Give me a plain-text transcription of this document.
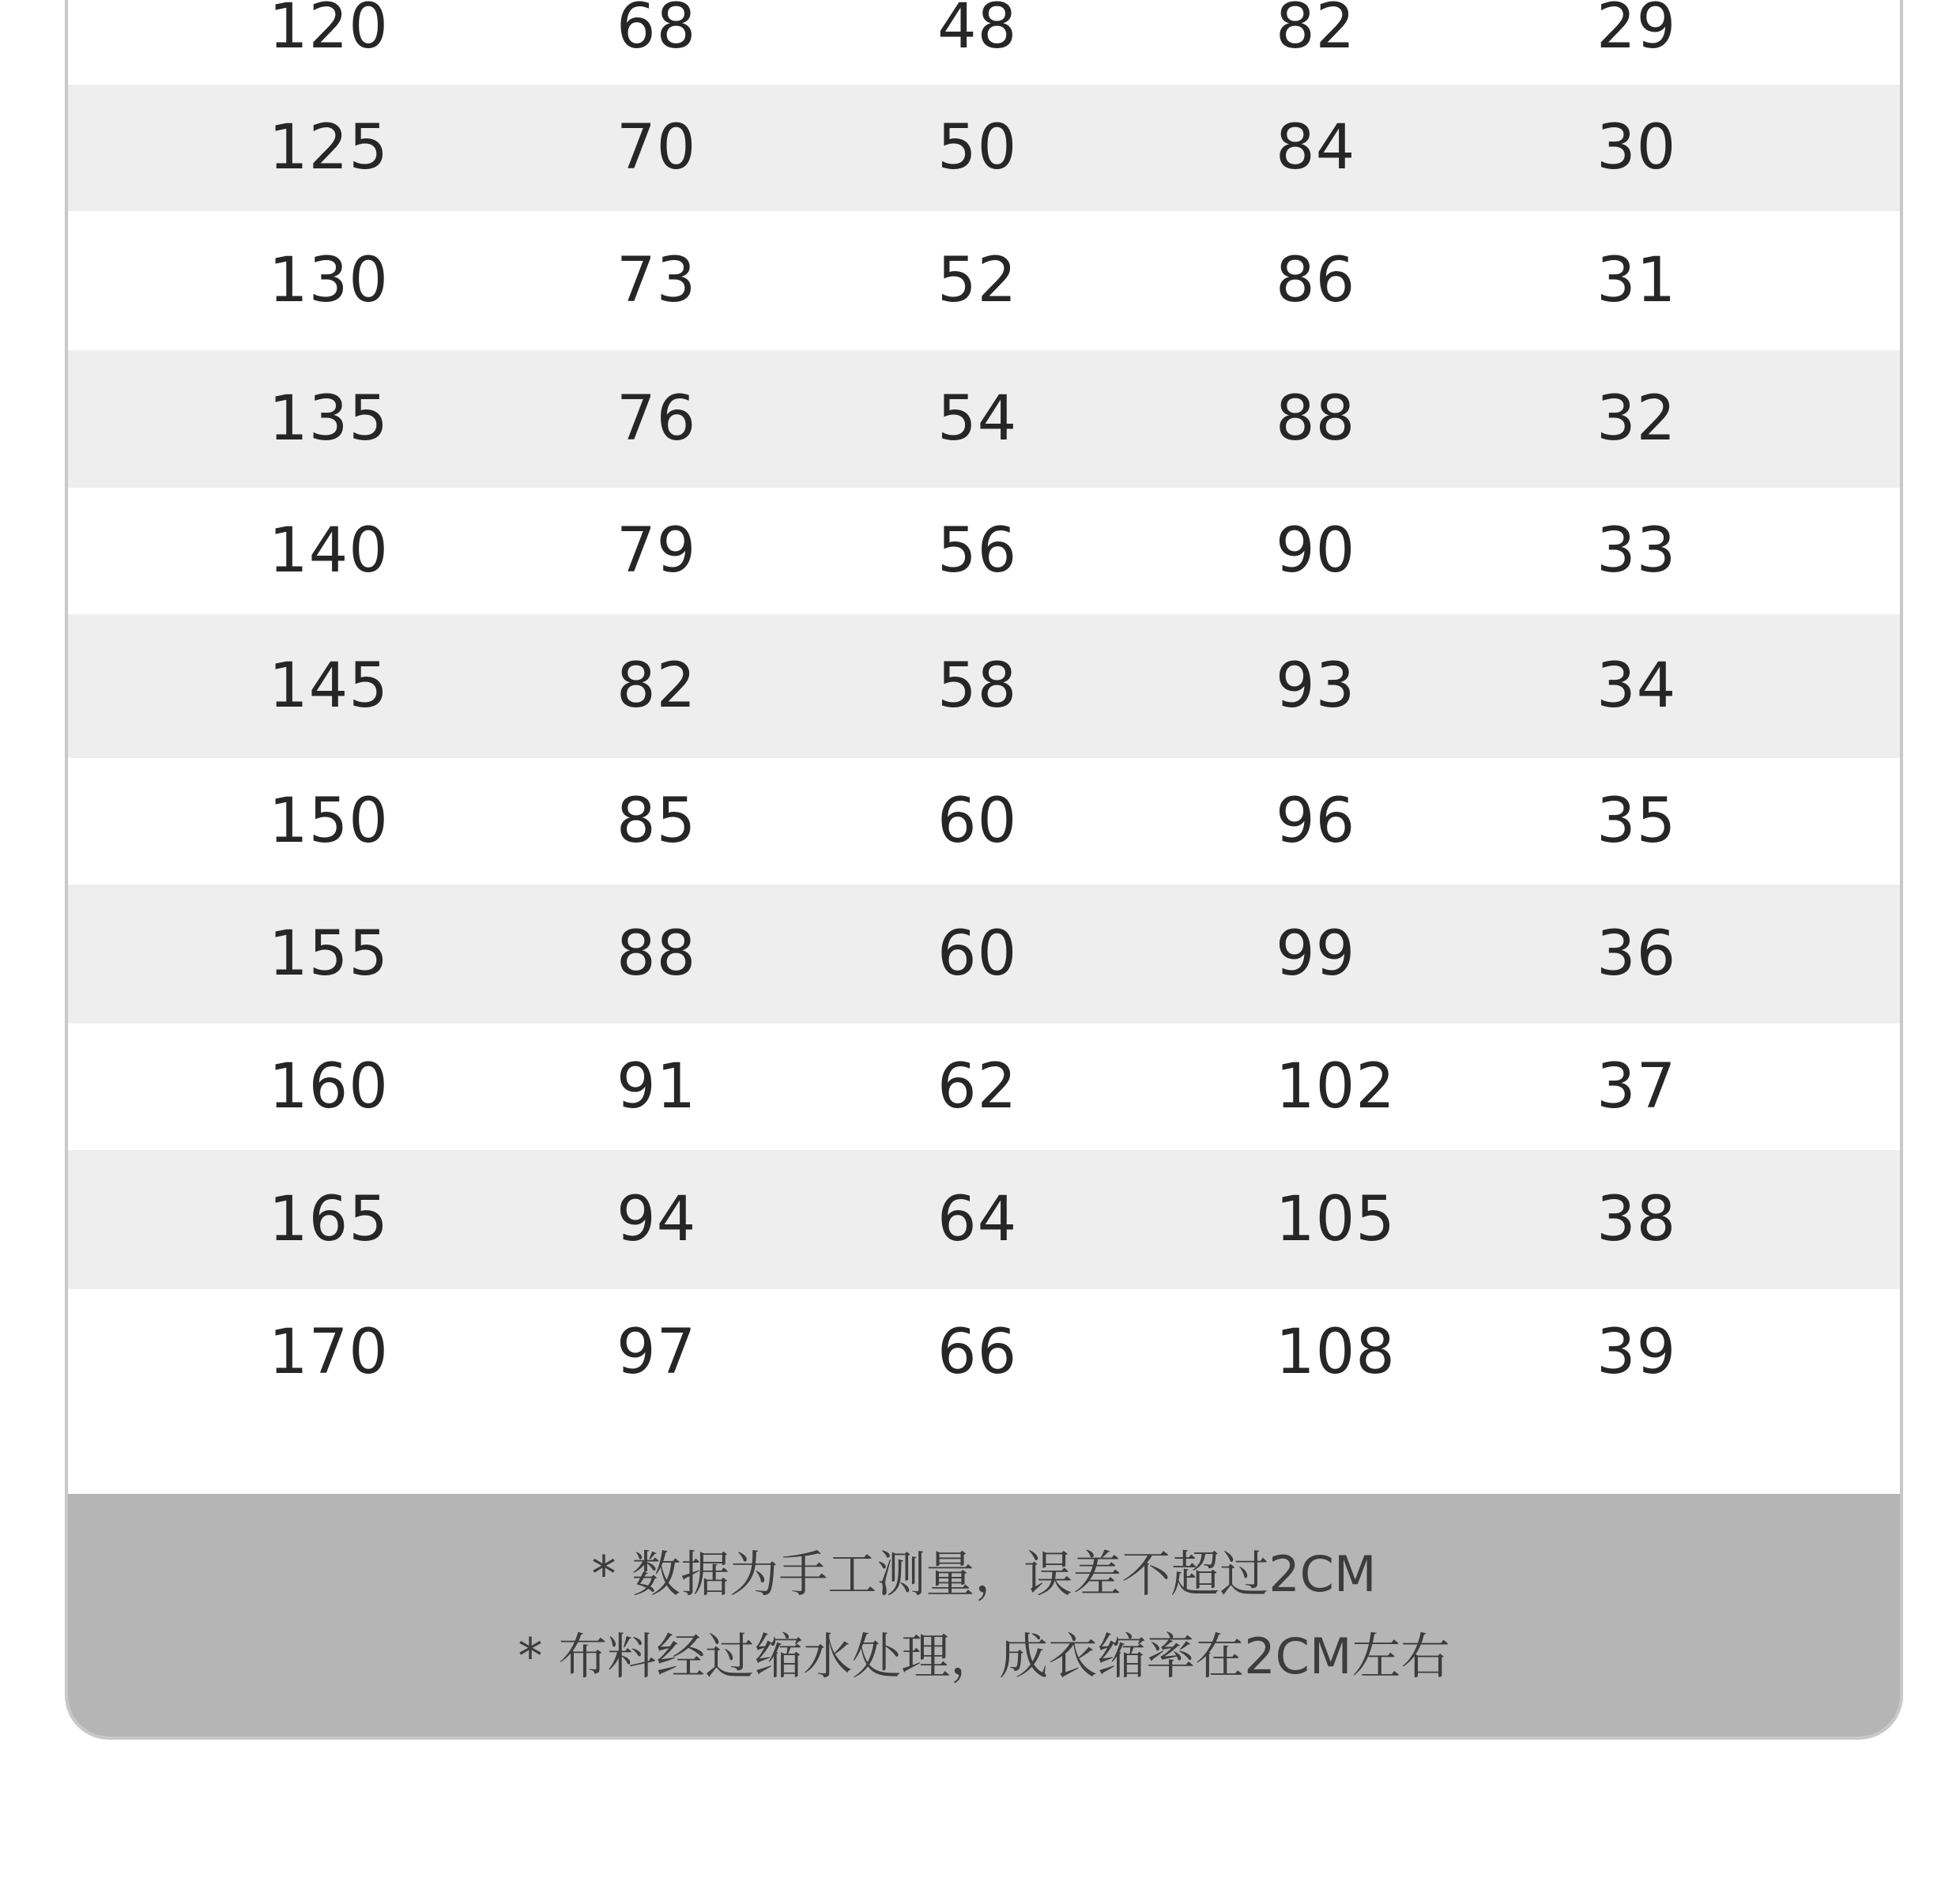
120	68	48	82	29
125	70	50	84	30
130	73	52	86	31
135	76	54	88	32
140	79	56	90	33
145	82	58	93	34
150	85	60	96	35
155	88	60	99	36
160	91	62	102	37
165	94	64	105	38
170	97	66	108	39
* 数据为手工测量，误差不超过2CM
* 布料经过缩水处理，成衣缩率在2CM左右
